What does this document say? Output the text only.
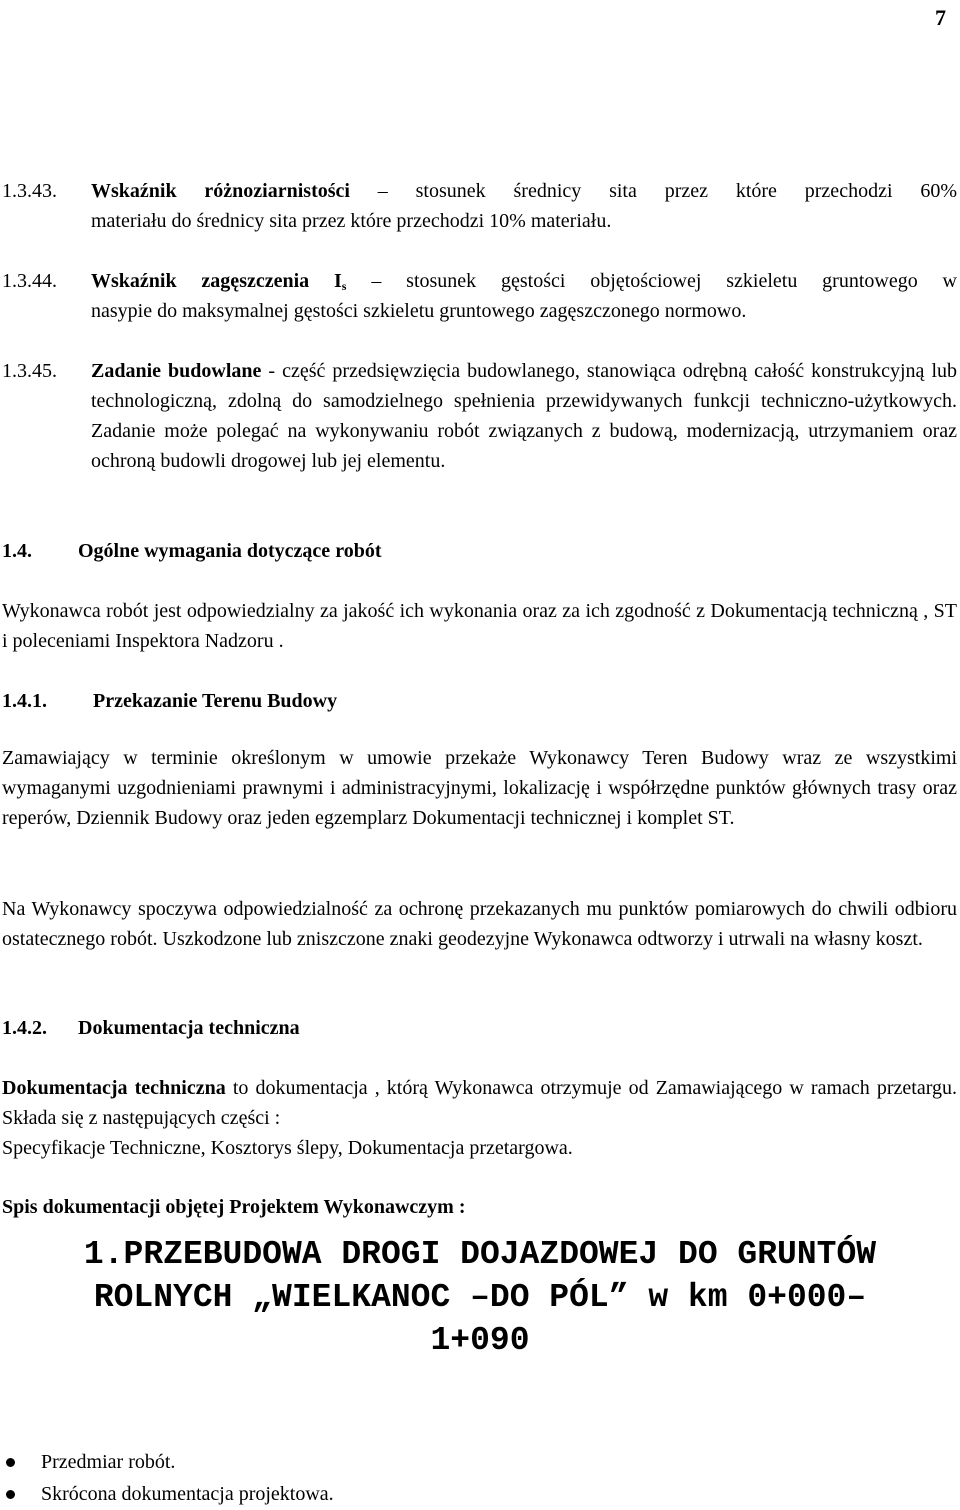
7
1.3.43. Wskaźnik różnoziarnistości – stosunek średnicy sita przez które przechodzi 60%
materiału do średnicy sita przez które przechodzi 10% materiału.
1.3.44. Wskaźnik zagęszczenia $I_s$ – stosunek gęstości objętościowej szkieletu gruntowego w
nasypie do maksymalnej gęstości szkieletu gruntowego zagęszczonego normowo.
1.3.45. Zadanie budowlane - część przedsięwzięcia budowlanego, stanowiąca odrębną całość konstrukcyjną lub technologiczną, zdolną do samodzielnego spełnienia przewidywanych funkcji techniczno-użytkowych. Zadanie może polegać na wykonywaniu robót związanych z budową, modernizacją, utrzymaniem oraz ochroną budowli drogowej lub jej elementu.
1.4. Ogólne wymagania dotyczące robót
Wykonawca robót jest odpowiedzialny za jakość ich wykonania oraz za ich zgodność z Dokumentacją techniczną , ST i poleceniami Inspektora Nadzoru .
1.4.1. Przekazanie Terenu Budowy
Zamawiający w terminie określonym w umowie przekaże Wykonawcy Teren Budowy wraz ze wszystkimi wymaganymi uzgodnieniami prawnymi i administracyjnymi, lokalizację i współrzędne punktów głównych trasy oraz reperów, Dziennik Budowy oraz jeden egzemplarz Dokumentacji technicznej i komplet ST.
Na Wykonawcy spoczywa odpowiedzialność za ochronę przekazanych mu punktów pomiarowych do chwili odbioru ostatecznego robót. Uszkodzone lub zniszczone znaki geodezyjne Wykonawca odtworzy i utrwali na własny koszt.
1.4.2. Dokumentacja techniczna
Dokumentacja techniczna to dokumentacja , którą Wykonawca otrzymuje od Zamawiającego w ramach przetargu. Składa się z następujących części :
Specyfikacje Techniczne, Kosztorys ślepy, Dokumentacja przetargowa.
Spis dokumentacji objętej Projektem Wykonawczym :
1.PRZEBUDOWA DROGI DOJAZDOWEJ DO GRUNTÓW
ROLNYCH „WIELKANOC –DO PÓL” w km 0+000–
1+090
Przedmiar robót.
Skrócona dokumentacja projektowa.
